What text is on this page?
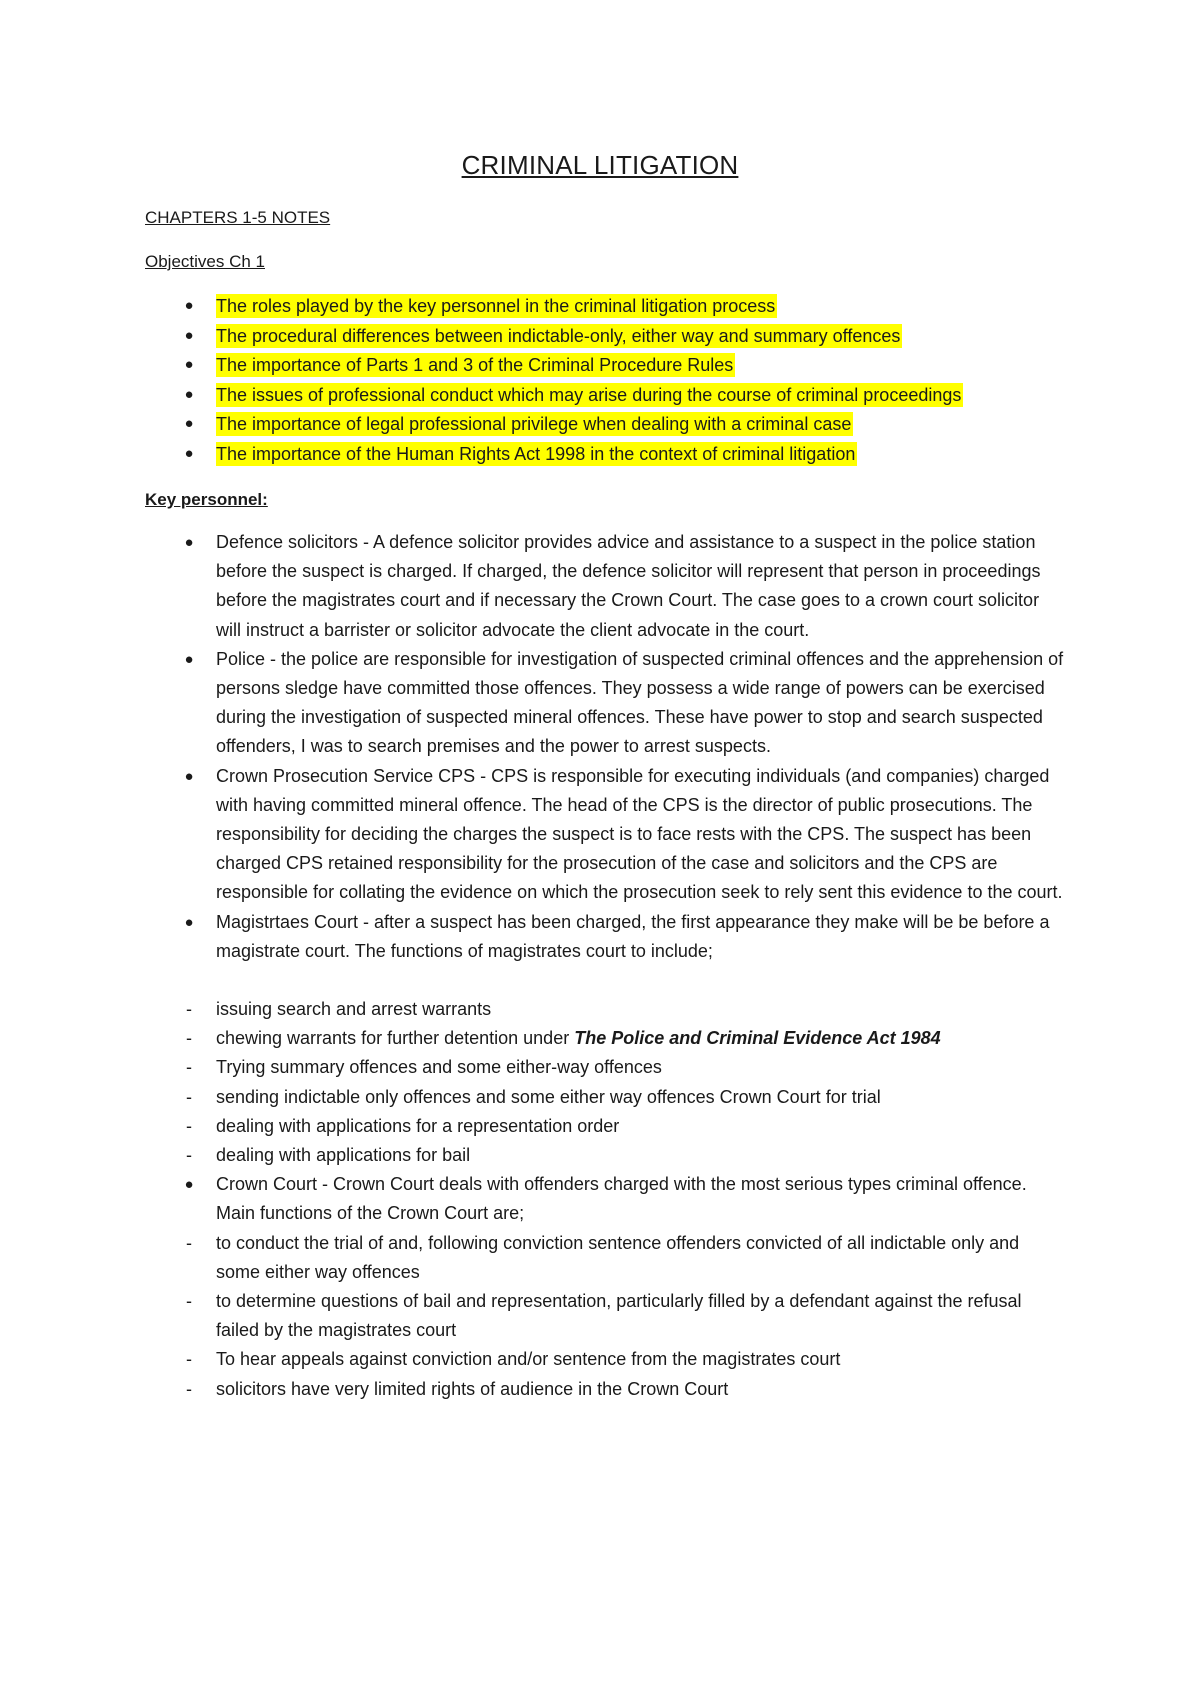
CRIMINAL LITIGATION

CHAPTERS 1-5 NOTES

Objectives Ch 1

● The roles played by the key personnel in the criminal litigation process
● The procedural differences between indictable-only, either way and summary offences
● The importance of Parts 1 and 3 of the Criminal Procedure Rules
● The issues of professional conduct which may arise during the course of criminal proceedings
● The importance of legal professional privilege when dealing with a criminal case
● The importance of the Human Rights Act 1998 in the context of criminal litigation

Key personnel:

● Defence solicitors - A defence solicitor provides advice and assistance to a suspect in the police station before the suspect is charged. If charged, the defence solicitor will represent that person in proceedings before the magistrates court and if necessary the Crown Court. The case goes to a crown court solicitor will instruct a barrister or solicitor advocate the client advocate in the court.
● Police - the police are responsible for investigation of suspected criminal offences and the apprehension of persons sledge have committed those offences. They possess a wide range of powers can be exercised during the investigation of suspected mineral offences. These have power to stop and search suspected offenders, I was to search premises and the power to arrest suspects.
● Crown Prosecution Service CPS - CPS is responsible for executing individuals (and companies) charged with having committed mineral offence. The head of the CPS is the director of public prosecutions. The responsibility for deciding the charges the suspect is to face rests with the CPS. The suspect has been charged CPS retained responsibility for the prosecution of the case and solicitors and the CPS are responsible for collating the evidence on which the prosecution seek to rely sent this evidence to the court.
● Magistrtaes Court - after a suspect has been charged, the first appearance they make will be be before a magistrate court. The functions of magistrates court to include;
- issuing search and arrest warrants
- chewing warrants for further detention under The Police and Criminal Evidence Act 1984
- Trying summary offences and some either-way offences
- sending indictable only offences and some either way offences Crown Court for trial
- dealing with applications for a representation order
- dealing with applications for bail
● Crown Court - Crown Court deals with offenders charged with the most serious types criminal offence. Main functions of the Crown Court are;
- to conduct the trial of and, following conviction sentence offenders convicted of all indictable only and some either way offences
- to determine questions of bail and representation, particularly filled by a defendant against the refusal failed by the magistrates court
- To hear appeals against conviction and/or sentence from the magistrates court
- solicitors have very limited rights of audience in the Crown Court
